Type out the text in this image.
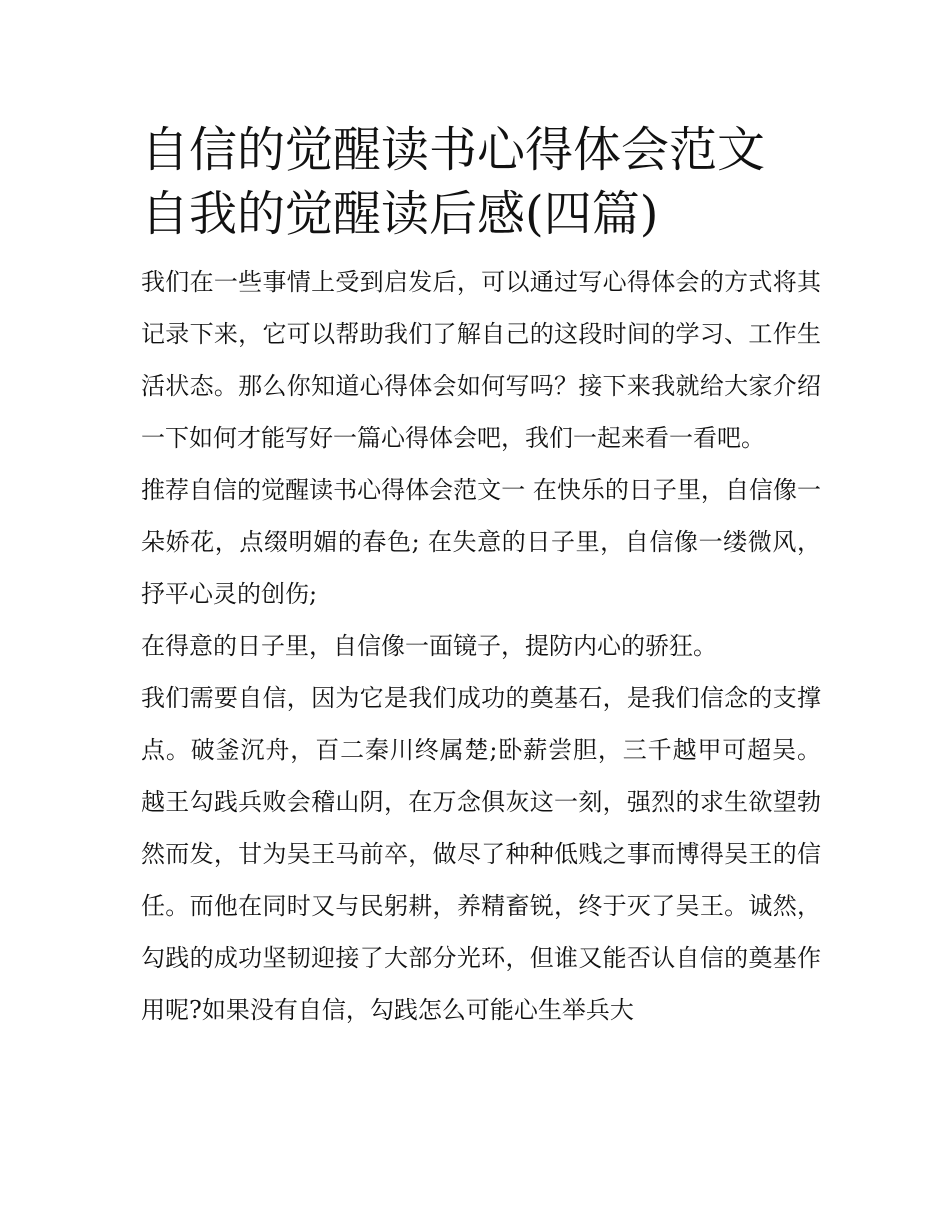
自信的觉醒读书心得体会范文
自我的觉醒读后感(四篇)

我们在一些事情上受到启发后，可以通过写心得体会的方式将其记录下来，它可以帮助我们了解自己的这段时间的学习、工作生活状态。那么你知道心得体会如何写吗？接下来我就给大家介绍一下如何才能写好一篇心得体会吧，我们一起来看一看吧。

推荐自信的觉醒读书心得体会范文一 在快乐的日子里，自信像一朵娇花，点缀明媚的春色; 在失意的日子里，自信像一缕微风，抒平心灵的创伤;

在得意的日子里，自信像一面镜子，提防内心的骄狂。

我们需要自信，因为它是我们成功的奠基石，是我们信念的支撑点。破釜沉舟，百二秦川终属楚;卧薪尝胆，三千越甲可超吴。越王勾践兵败会稽山阴，在万念俱灰这一刻，强烈的求生欲望勃然而发，甘为吴王马前卒，做尽了种种低贱之事而博得吴王的信任。而他在同时又与民躬耕，养精畜锐，终于灭了吴王。诚然，勾践的成功坚韧迎接了大部分光环，但谁又能否认自信的奠基作用呢?如果没有自信，勾践怎么可能心生举兵大
